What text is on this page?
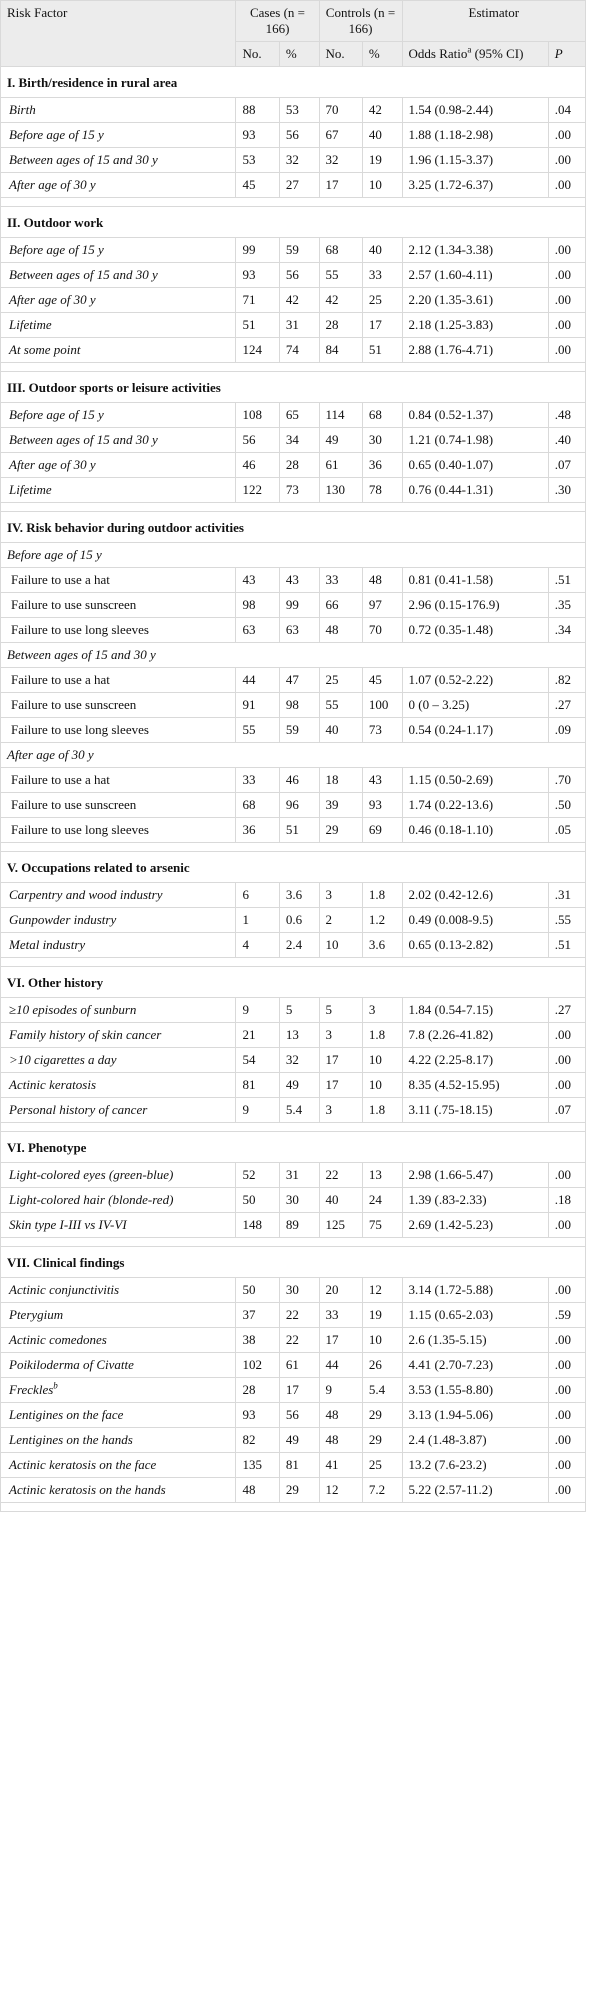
Risk Factor	Cases (n = 166)		Controls (n = 166)		Estimator	
	No.	%	No.	%	Odds Ratio$^a$ (95% CI)	P
I. Birth/residence in rural area						
Birth	88	53	70	42	1.54 (0.98-2.44)	.04
Before age of 15 y	93	56	67	40	1.88 (1.18-2.98)	.00
Between ages of 15 and 30 y	53	32	32	19	1.96 (1.15-3.37)	.00
After age of 30 y	45	27	17	10	3.25 (1.72-6.37)	.00

II. Outdoor work						
Before age of 15 y	99	59	68	40	2.12 (1.34-3.38)	.00
Between ages of 15 and 30 y	93	56	55	33	2.57 (1.60-4.11)	.00
After age of 30 y	71	42	42	25	2.20 (1.35-3.61)	.00
Lifetime	51	31	28	17	2.18 (1.25-3.83)	.00
At some point	124	74	84	51	2.88 (1.76-4.71)	.00

III. Outdoor sports or leisure activities						
Before age of 15 y	108	65	114	68	0.84 (0.52-1.37)	.48
Between ages of 15 and 30 y	56	34	49	30	1.21 (0.74-1.98)	.40
After age of 30 y	46	28	61	36	0.65 (0.40-1.07)	.07
Lifetime	122	73	130	78	0.76 (0.44-1.31)	.30

IV. Risk behavior during outdoor activities						
Before age of 15 y						
Failure to use a hat	43	43	33	48	0.81 (0.41-1.58)	.51
Failure to use sunscreen	98	99	66	97	2.96 (0.15-176.9)	.35
Failure to use long sleeves	63	63	48	70	0.72 (0.35-1.48)	.34
Between ages of 15 and 30 y						
Failure to use a hat	44	47	25	45	1.07 (0.52-2.22)	.82
Failure to use sunscreen	91	98	55	100	0 (0 – 3.25)	.27
Failure to use long sleeves	55	59	40	73	0.54 (0.24-1.17)	.09
After age of 30 y						
Failure to use a hat	33	46	18	43	1.15 (0.50-2.69)	.70
Failure to use sunscreen	68	96	39	93	1.74 (0.22-13.6)	.50
Failure to use long sleeves	36	51	29	69	0.46 (0.18-1.10)	.05

V. Occupations related to arsenic						
Carpentry and wood industry	6	3.6	3	1.8	2.02 (0.42-12.6)	.31
Gunpowder industry	1	0.6	2	1.2	0.49 (0.008-9.5)	.55
Metal industry	4	2.4	10	3.6	0.65 (0.13-2.82)	.51

VI. Other history						
≥10 episodes of sunburn	9	5	5	3	1.84 (0.54-7.15)	.27
Family history of skin cancer	21	13	3	1.8	7.8 (2.26-41.82)	.00
>10 cigarettes a day	54	32	17	10	4.22 (2.25-8.17)	.00
Actinic keratosis	81	49	17	10	8.35 (4.52-15.95)	.00
Personal history of cancer	9	5.4	3	1.8	3.11 (.75-18.15)	.07

VI. Phenotype						
Light-colored eyes (green-blue)	52	31	22	13	2.98 (1.66-5.47)	.00
Light-colored hair (blonde-red)	50	30	40	24	1.39 (.83-2.33)	.18
Skin type I-III vs IV-VI	148	89	125	75	2.69 (1.42-5.23)	.00

VII. Clinical findings						
Actinic conjunctivitis	50	30	20	12	3.14 (1.72-5.88)	.00
Pterygium	37	22	33	19	1.15 (0.65-2.03)	.59
Actinic comedones	38	22	17	10	2.6 (1.35-5.15)	.00
Poikiloderma of Civatte	102	61	44	26	4.41 (2.70-7.23)	.00
Freckles$^b$	28	17	9	5.4	3.53 (1.55-8.80)	.00
Lentigines on the face	93	56	48	29	3.13 (1.94-5.06)	.00
Lentigines on the hands	82	49	48	29	2.4 (1.48-3.87)	.00
Actinic keratosis on the face	135	81	41	25	13.2 (7.6-23.2)	.00
Actinic keratosis on the hands	48	29	12	7.2	5.22 (2.57-11.2)	.00
